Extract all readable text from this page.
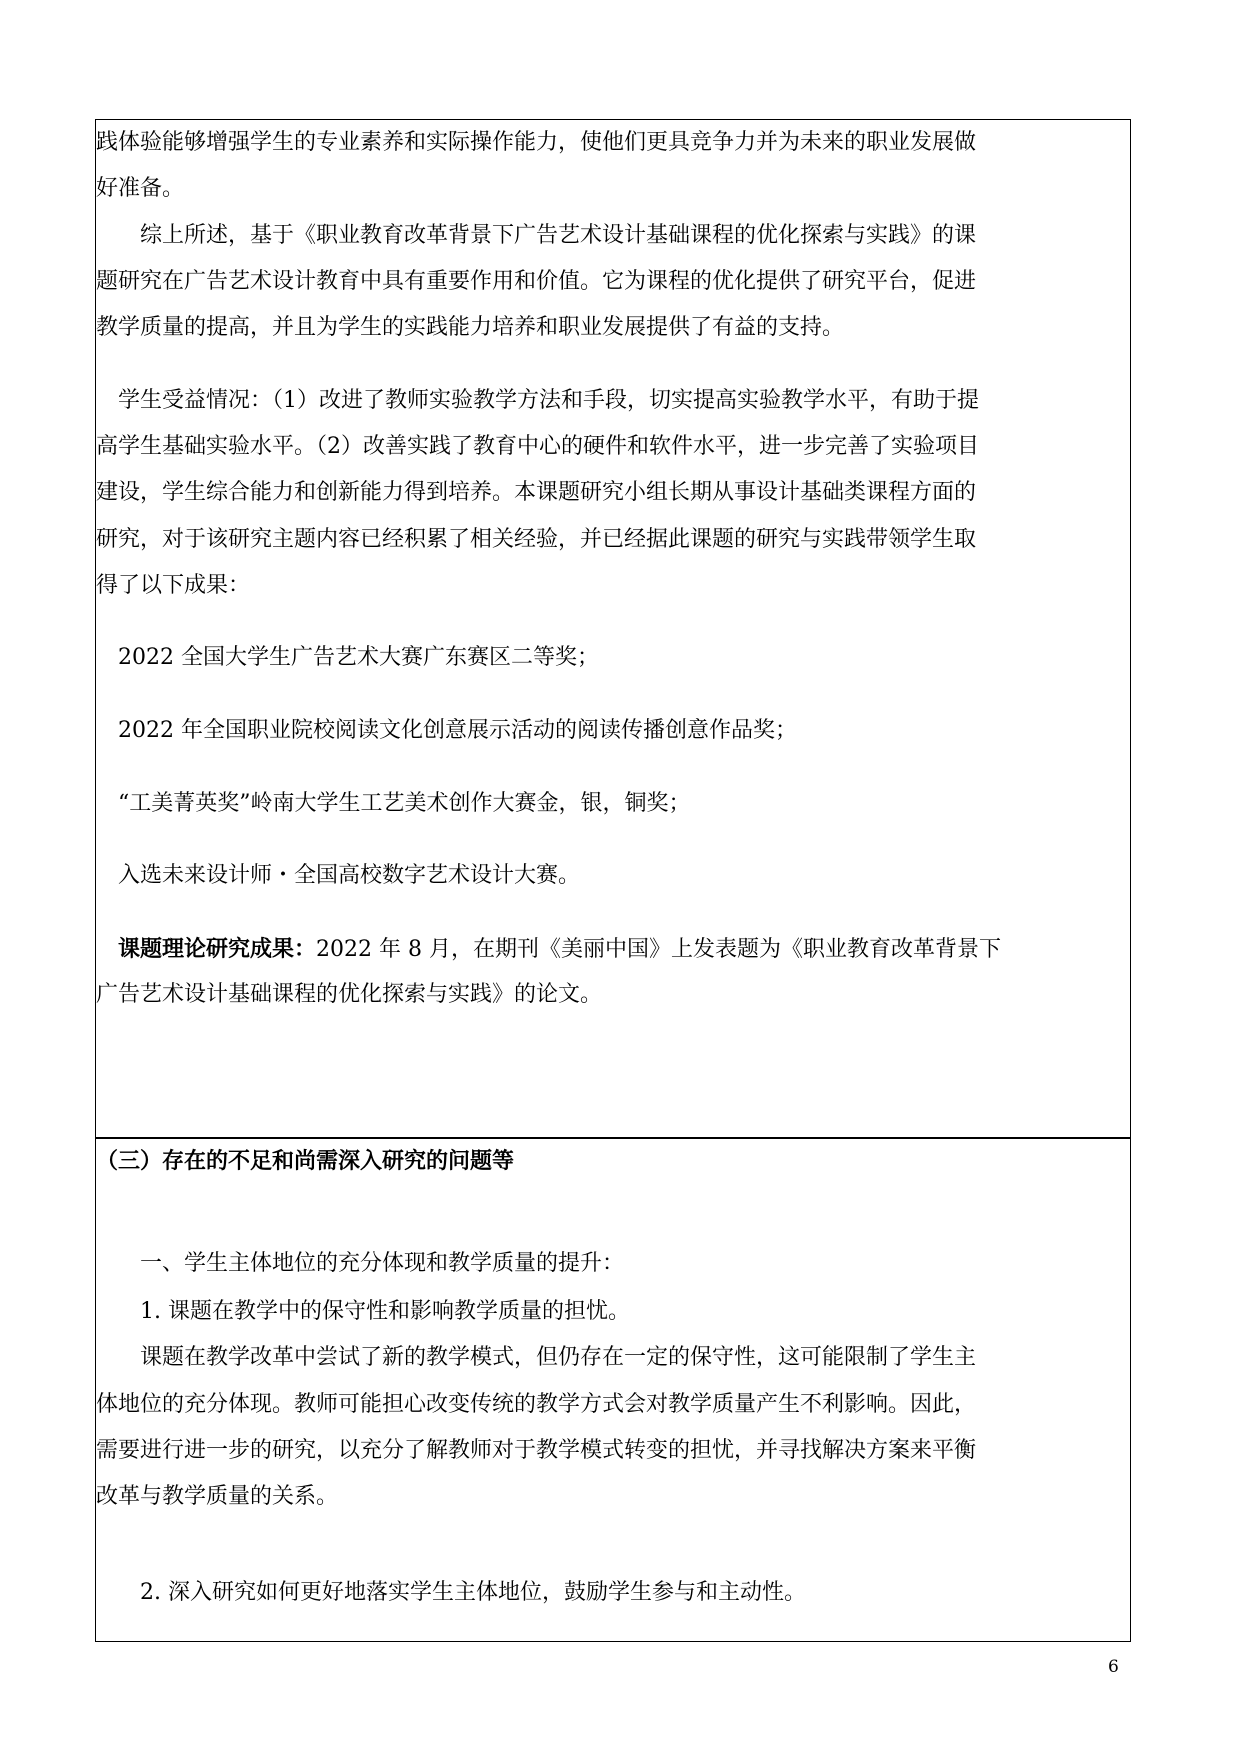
践体验能够增强学生的专业素养和实际操作能力，使他们更具竞争力并为未来的职业发展做
好准备。
　　综上所述，基于《职业教育改革背景下广告艺术设计基础课程的优化探索与实践》的课
题研究在广告艺术设计教育中具有重要作用和价值。它为课程的优化提供了研究平台，促进
教学质量的提高，并且为学生的实践能力培养和职业发展提供了有益的支持。
　学生受益情况：（1）改进了教师实验教学方法和手段，切实提高实验教学水平，有助于提
高学生基础实验水平。（2）改善实践了教育中心的硬件和软件水平，进一步完善了实验项目
建设，学生综合能力和创新能力得到培养。本课题研究小组长期从事设计基础类课程方面的
研究，对于该研究主题内容已经积累了相关经验，并已经据此课题的研究与实践带领学生取
得了以下成果：
　2022 全国大学生广告艺术大赛广东赛区二等奖；
　2022 年全国职业院校阅读文化创意展示活动的阅读传播创意作品奖；
　“工美菁英奖”岭南大学生工艺美术创作大赛金，银，铜奖；
　入选未来设计师・全国高校数字艺术设计大赛。
　课题理论研究成果：2022 年 8 月，在期刊《美丽中国》上发表题为《职业教育改革背景下
广告艺术设计基础课程的优化探索与实践》的论文。
（三）存在的不足和尚需深入研究的问题等
　　一、学生主体地位的充分体现和教学质量的提升：
　　1. 课题在教学中的保守性和影响教学质量的担忧。
　　课题在教学改革中尝试了新的教学模式，但仍存在一定的保守性，这可能限制了学生主
体地位的充分体现。教师可能担心改变传统的教学方式会对教学质量产生不利影响。因此，
需要进行进一步的研究，以充分了解教师对于教学模式转变的担忧，并寻找解决方案来平衡
改革与教学质量的关系。
　　2. 深入研究如何更好地落实学生主体地位，鼓励学生参与和主动性。
6
